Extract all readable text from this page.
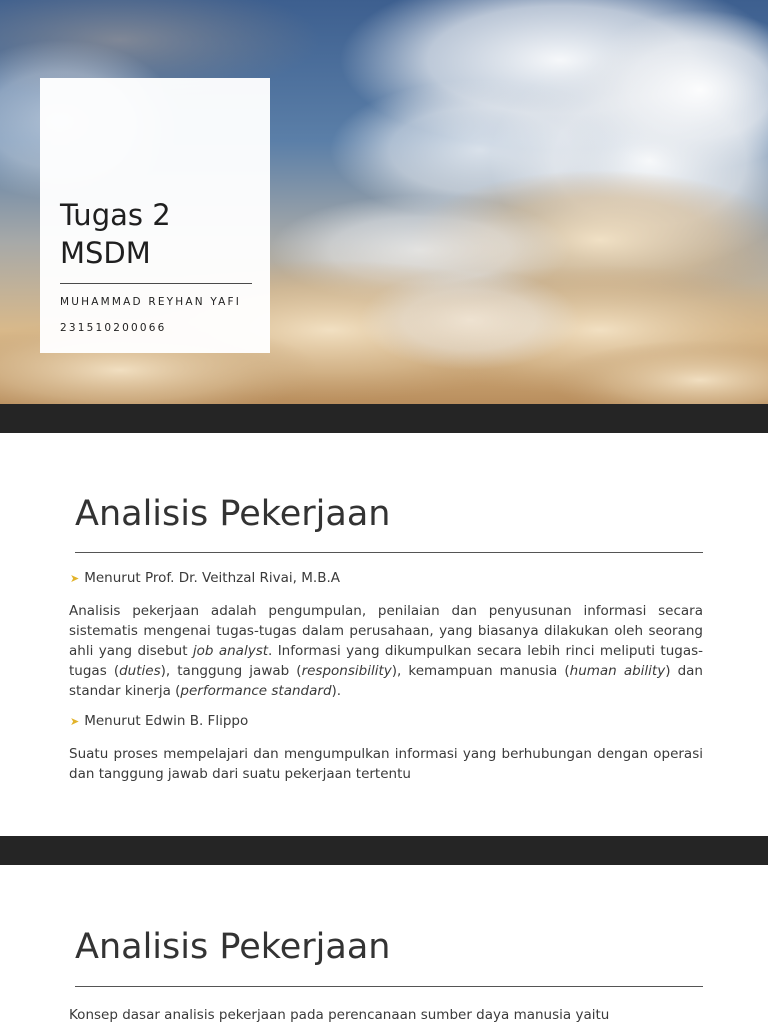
Tugas 2
MSDM
MUHAMMAD REYHAN YAFI
231510200066
Analisis Pekerjaan
➤ Menurut Prof. Dr. Veithzal Rivai, M.B.A

Analisis pekerjaan adalah pengumpulan, penilaian dan penyusunan informasi secara sistematis mengenai tugas-tugas dalam perusahaan, yang biasanya dilakukan oleh seorang ahli yang disebut job analyst. Informasi yang dikumpulkan secara lebih rinci meliputi tugas-tugas (duties), tanggung jawab (responsibility), kemampuan manusia (human ability) dan standar kinerja (performance standard).

➤ Menurut Edwin B. Flippo

Suatu proses mempelajari dan mengumpulkan informasi yang berhubungan dengan operasi dan tanggung jawab dari suatu pekerjaan tertentu

Analisis Pekerjaan

Konsep dasar analisis pekerjaan pada perencanaan sumber daya manusia yaitu
